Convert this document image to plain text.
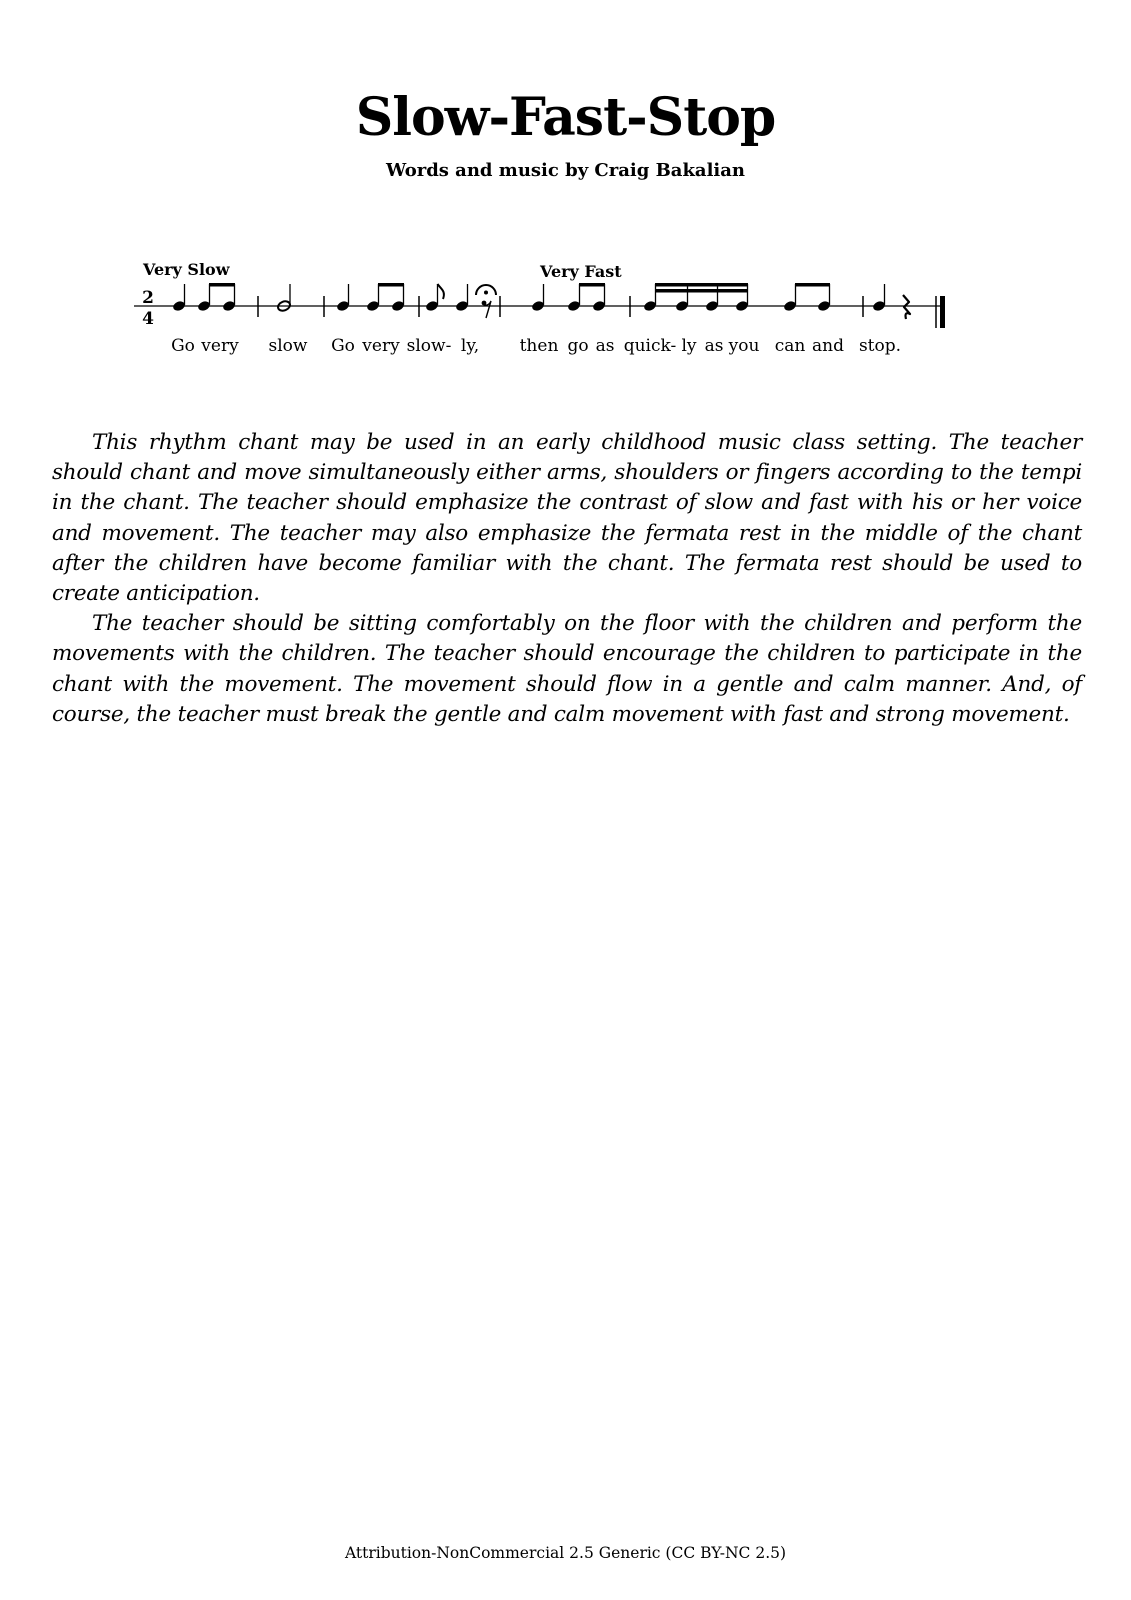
Slow-Fast-Stop
Words and music by Craig Bakalian
Very Slow	Very Fast
2
4
Go very slow Go very slow- ly, then go as quick- ly as you can and stop.

This rhythm chant may be used in an early childhood music class setting. The teacher should chant and move simultaneously either arms, shoulders or fingers according to the tempi in the chant. The teacher should emphasize the contrast of slow and fast with his or her voice and movement. The teacher may also emphasize the fermata rest in the middle of the chant after the children have become familiar with the chant. The fermata rest should be used to create anticipation.

The teacher should be sitting comfortably on the floor with the children and perform the movements with the children. The teacher should encourage the children to participate in the chant with the movement. The movement should flow in a gentle and calm manner. And, of course, the teacher must break the gentle and calm movement with fast and strong movement.

Attribution-NonCommercial 2.5 Generic (CC BY-NC 2.5)
